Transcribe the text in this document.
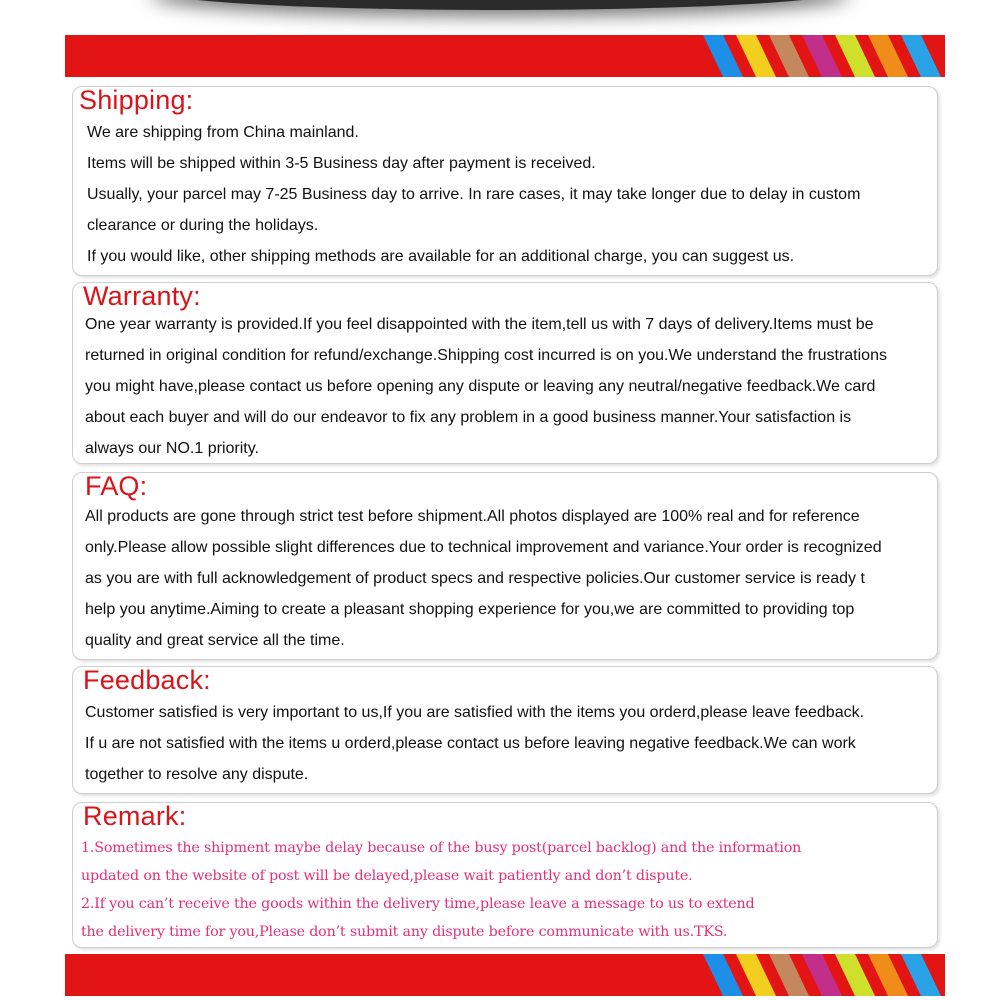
Shipping:
We are shipping from China mainland.
Items will be shipped within 3-5 Business day after payment is received.
Usually, your parcel may 7-25 Business day to arrive. In rare cases, it may take longer due to delay in custom
clearance or during the holidays.
If you would like, other shipping methods are available for an additional charge, you can suggest us.
Warranty:
One year warranty is provided.If you feel disappointed with the item,tell us with 7 days of delivery.Items must be
returned in original condition for refund/exchange.Shipping cost incurred is on you.We understand the frustrations
you might have,please contact us before opening any dispute or leaving any neutral/negative feedback.We card
about each buyer and will do our endeavor to fix any problem in a good business manner.Your satisfaction is
always our NO.1 priority.
FAQ:
All products are gone through strict test before shipment.All photos displayed are 100% real and for reference
only.Please allow possible slight differences due to technical improvement and variance.Your order is recognized
as you are with full acknowledgement of product specs and respective policies.Our customer service is ready t
help you anytime.Aiming to create a pleasant shopping experience for you,we are committed to providing top
quality and great service all the time.
Feedback:
Customer satisfied is very important to us,If you are satisfied with the items you orderd,please leave feedback.
If u are not satisfied with the items u orderd,please contact us before leaving negative feedback.We can work
together to resolve any dispute.
Remark:
1.Sometimes the shipment maybe delay because of the busy post(parcel backlog) and the information
updated on the website of post will be delayed,please wait patiently and don’t dispute.
2.If you can’t receive the goods within the delivery time,please leave a message to us to extend
the delivery time for you,Please don’t submit any dispute before communicate with us.TKS.
